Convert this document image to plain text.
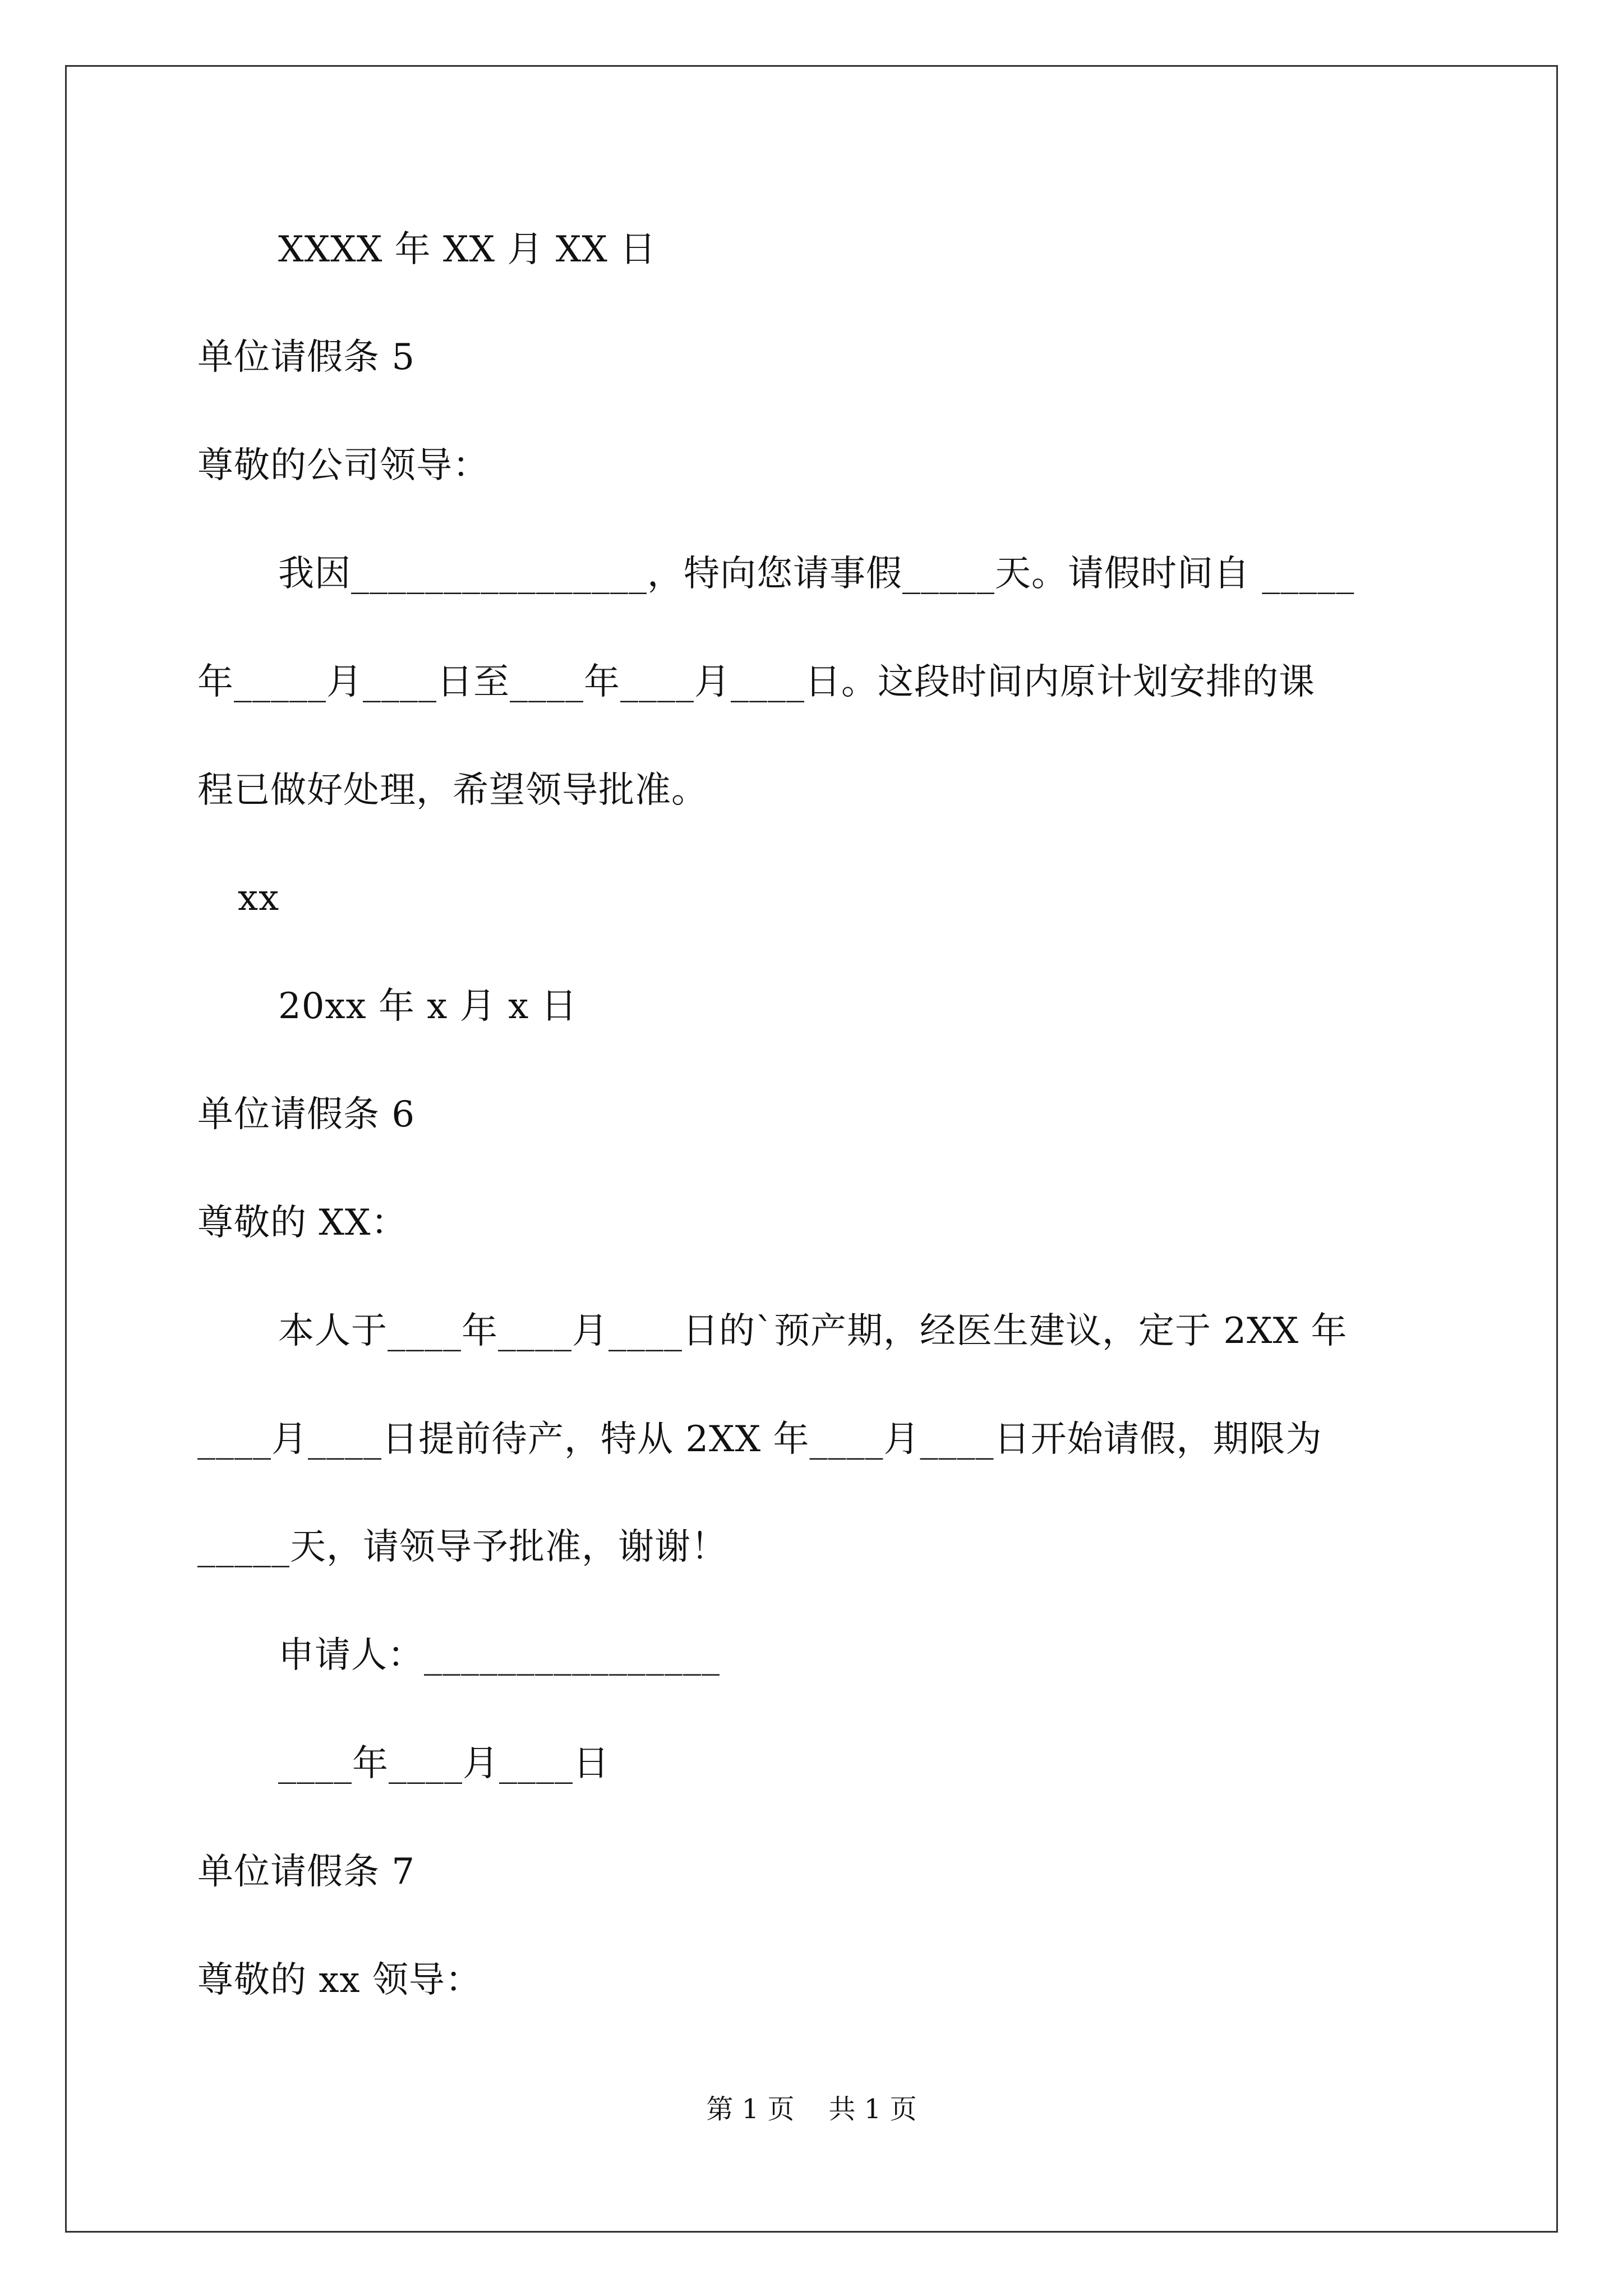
XXXX 年 XX 月 XX 日
单位请假条 5
尊敬的公司领导：
我因________________，特向您请事假_____天。请假时间自 _____
年_____月____日至____年____月____日。这段时间内原计划安排的课
程已做好处理，希望领导批准。
xx
20xx 年 x 月 x 日
单位请假条 6
尊敬的 XX：
本人于____年____月____日的`预产期，经医生建议，定于 2XX 年
____月____日提前待产，特从 2XX 年____月____日开始请假，期限为
_____天，请领导予批准，谢谢！
申请人：________________
____年____月____日
单位请假条 7
尊敬的 xx 领导：
第 1 页    共 1 页
